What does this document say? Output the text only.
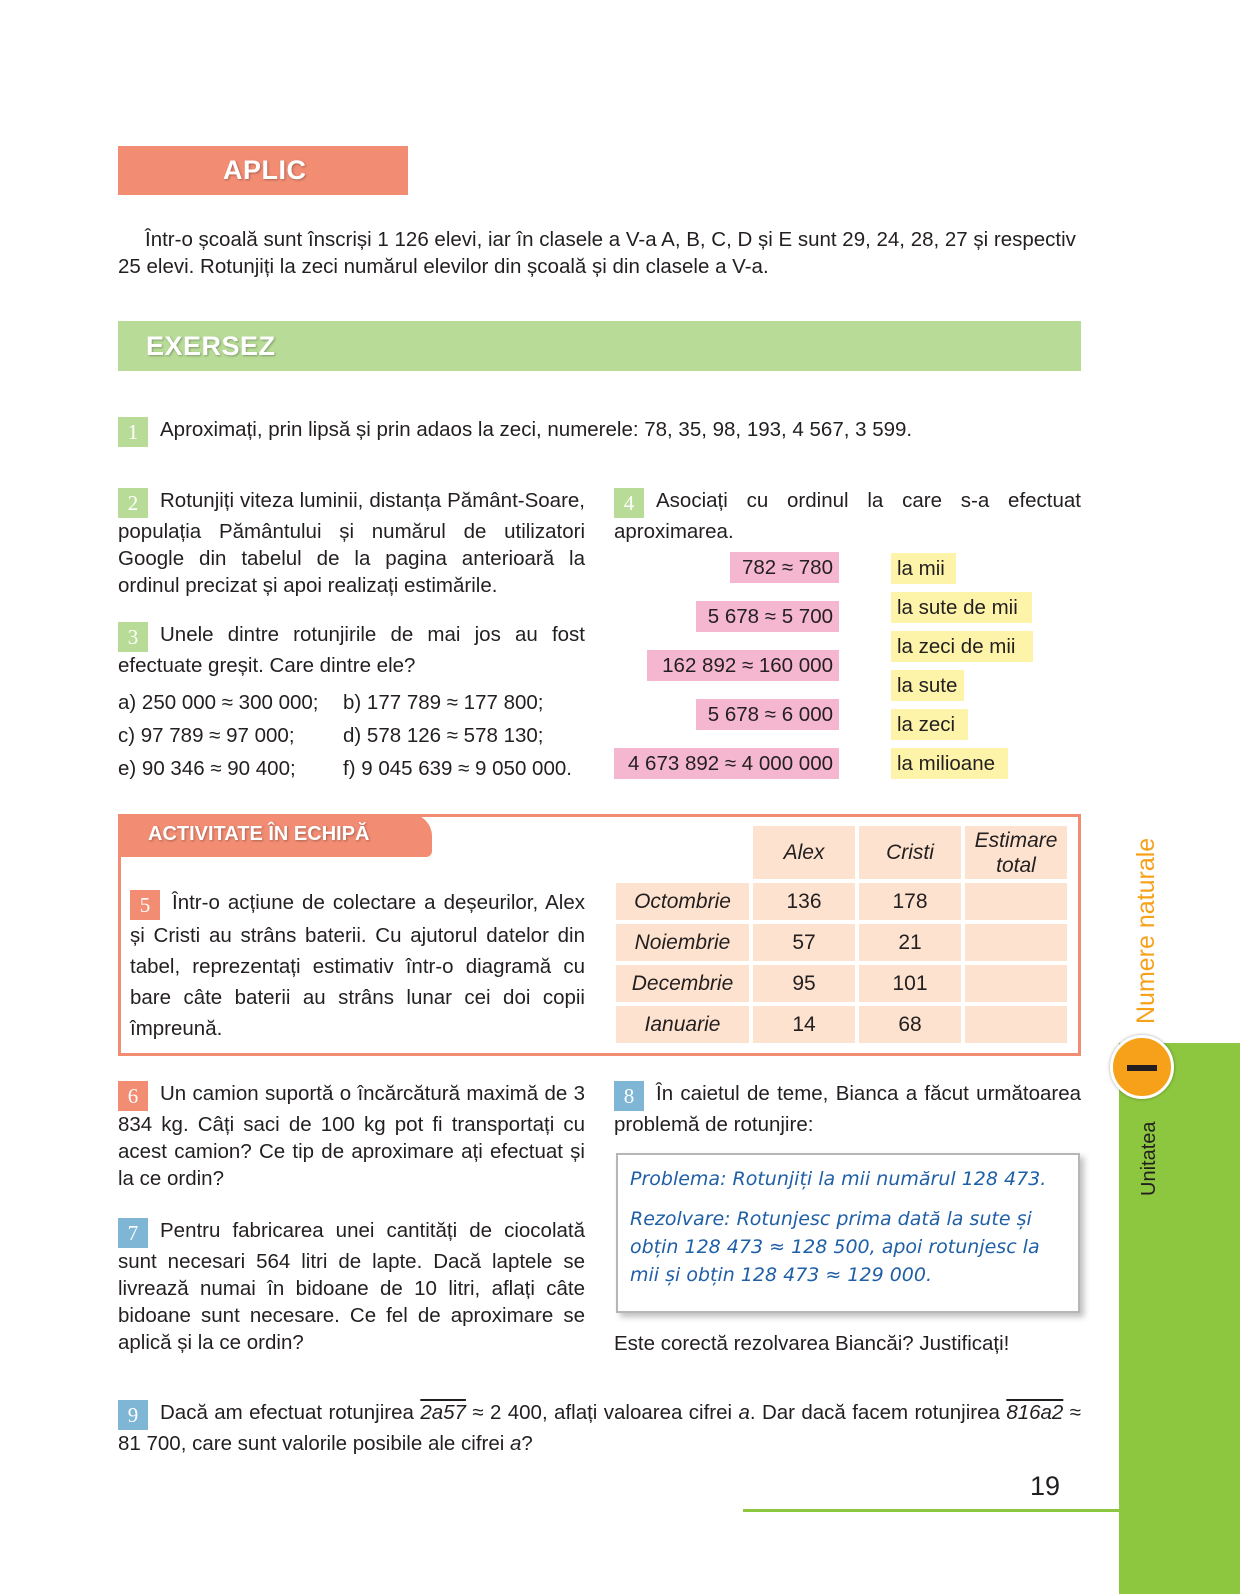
APLIC
Într-o școală sunt înscriși 1 126 elevi, iar în clasele a V-a A, B, C, D și E sunt 29, 24, 28, 27 și respectiv
25 elevi. Rotunjiți la zeci numărul elevilor din școală și din clasele a V-a.
EXERSEZ
1 Aproximați, prin lipsă și prin adaos la zeci, numerele: 78, 35, 98, 193, 4 567, 3 599.
2 Rotunjiți viteza luminii, distanța Pământ-Soare, populația Pământului și numărul de utilizatori Google din tabelul de la pagina anterioară la ordinul precizat și apoi realizați estimările.
3 Unele dintre rotunjirile de mai jos au fost efectuate greșit. Care dintre ele?
a) 250 000 ≈ 300 000;	b) 177 789 ≈ 177 800;
c) 97 789 ≈ 97 000;	d) 578 126 ≈ 578 130;
e) 90 346 ≈ 90 400;	f) 9 045 639 ≈ 9 050 000.
4 Asociați cu ordinul la care s-a efectuat aproximarea.
782 ≈ 780
5 678 ≈ 5 700
162 892 ≈ 160 000
5 678 ≈ 6 000
4 673 892 ≈ 4 000 000
la mii
la sute de mii
la zeci de mii
la sute
la zeci
la milioane
ACTIVITATE ÎN ECHIPĂ
5 Într-o acțiune de colectare a deșeurilor, Alex și Cristi au strâns baterii. Cu ajutorul datelor din tabel, reprezentați estimativ într-o diagramă cu bare câte baterii au strâns lunar cei doi copii împreună.
	Alex	Cristi	Estimare total
Octombrie	136	178	
Noiembrie	57	21	
Decembrie	95	101	
Ianuarie	14	68	
6 Un camion suportă o încărcătură maximă de 3 834 kg. Câți saci de 100 kg pot fi transportați cu acest camion? Ce tip de aproximare ați efectuat și la ce ordin?
7 Pentru fabricarea unei cantități de ciocolată sunt necesari 564 litri de lapte. Dacă laptele se livrează numai în bidoane de 10 litri, aflați câte bidoane sunt necesare. Ce fel de aproximare se aplică și la ce ordin?
8 În caietul de teme, Bianca a făcut următoarea problemă de rotunjire:
Problema: Rotunjiți la mii numărul 128 473.
Rezolvare: Rotunjesc prima dată la sute și obțin 128 473 ≈ 128 500, apoi rotunjesc la mii și obțin 128 473 ≈ 129 000.
Este corectă rezolvarea Biancăi? Justificați!
9 Dacă am efectuat rotunjirea 2a57 ≈ 2 400, aflați valoarea cifrei a. Dar dacă facem rotunjirea 816a2 ≈ 81 700, care sunt valorile posibile ale cifrei a?
Numere naturale
Unitatea
19
